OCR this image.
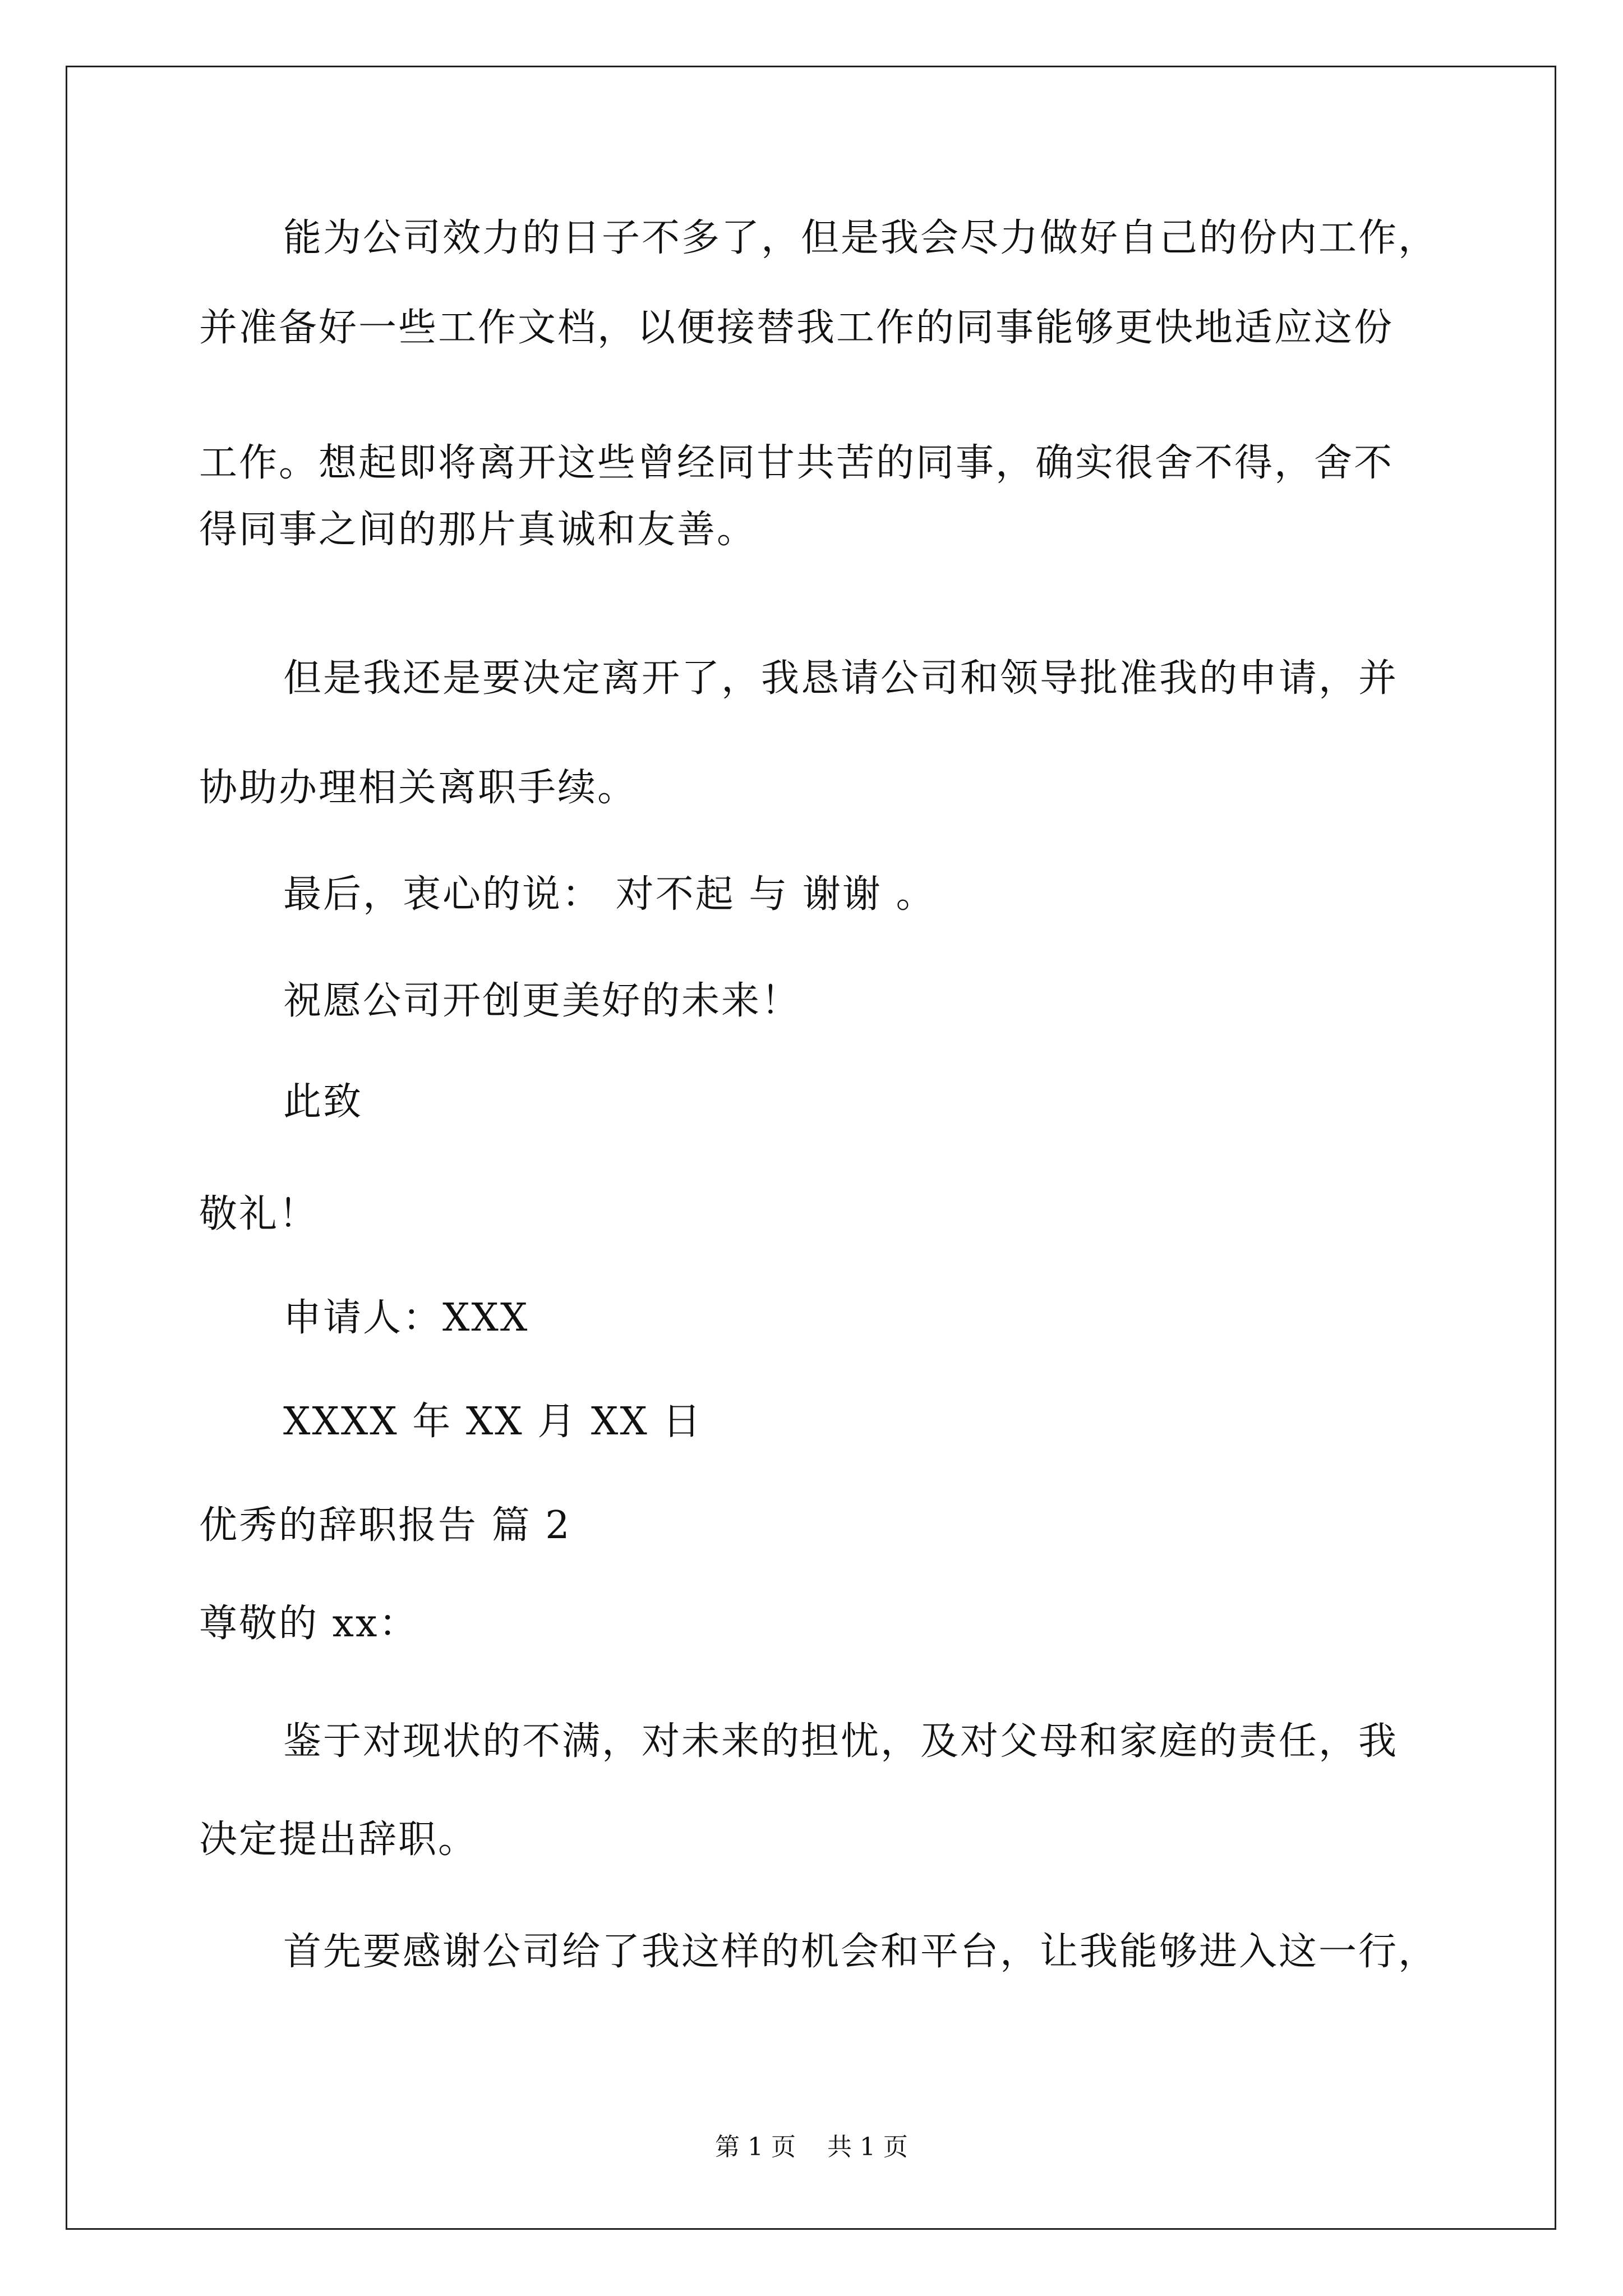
能为公司效力的日子不多了，但是我会尽力做好自己的份内工作，
并准备好一些工作文档，以便接替我工作的同事能够更快地适应这份
工作。想起即将离开这些曾经同甘共苦的同事，确实很舍不得，舍不
得同事之间的那片真诚和友善。
但是我还是要决定离开了，我恳请公司和领导批准我的申请，并
协助办理相关离职手续。
最后，衷心的说： 对不起 与 谢谢 。
祝愿公司开创更美好的未来！
此致
敬礼！
申请人：XXX
XXXX 年 XX 月 XX 日
优秀的辞职报告 篇 2
尊敬的 xx：
鉴于对现状的不满，对未来的担忧，及对父母和家庭的责任，我
决定提出辞职。
首先要感谢公司给了我这样的机会和平台，让我能够进入这一行，
第 1 页    共 1 页
